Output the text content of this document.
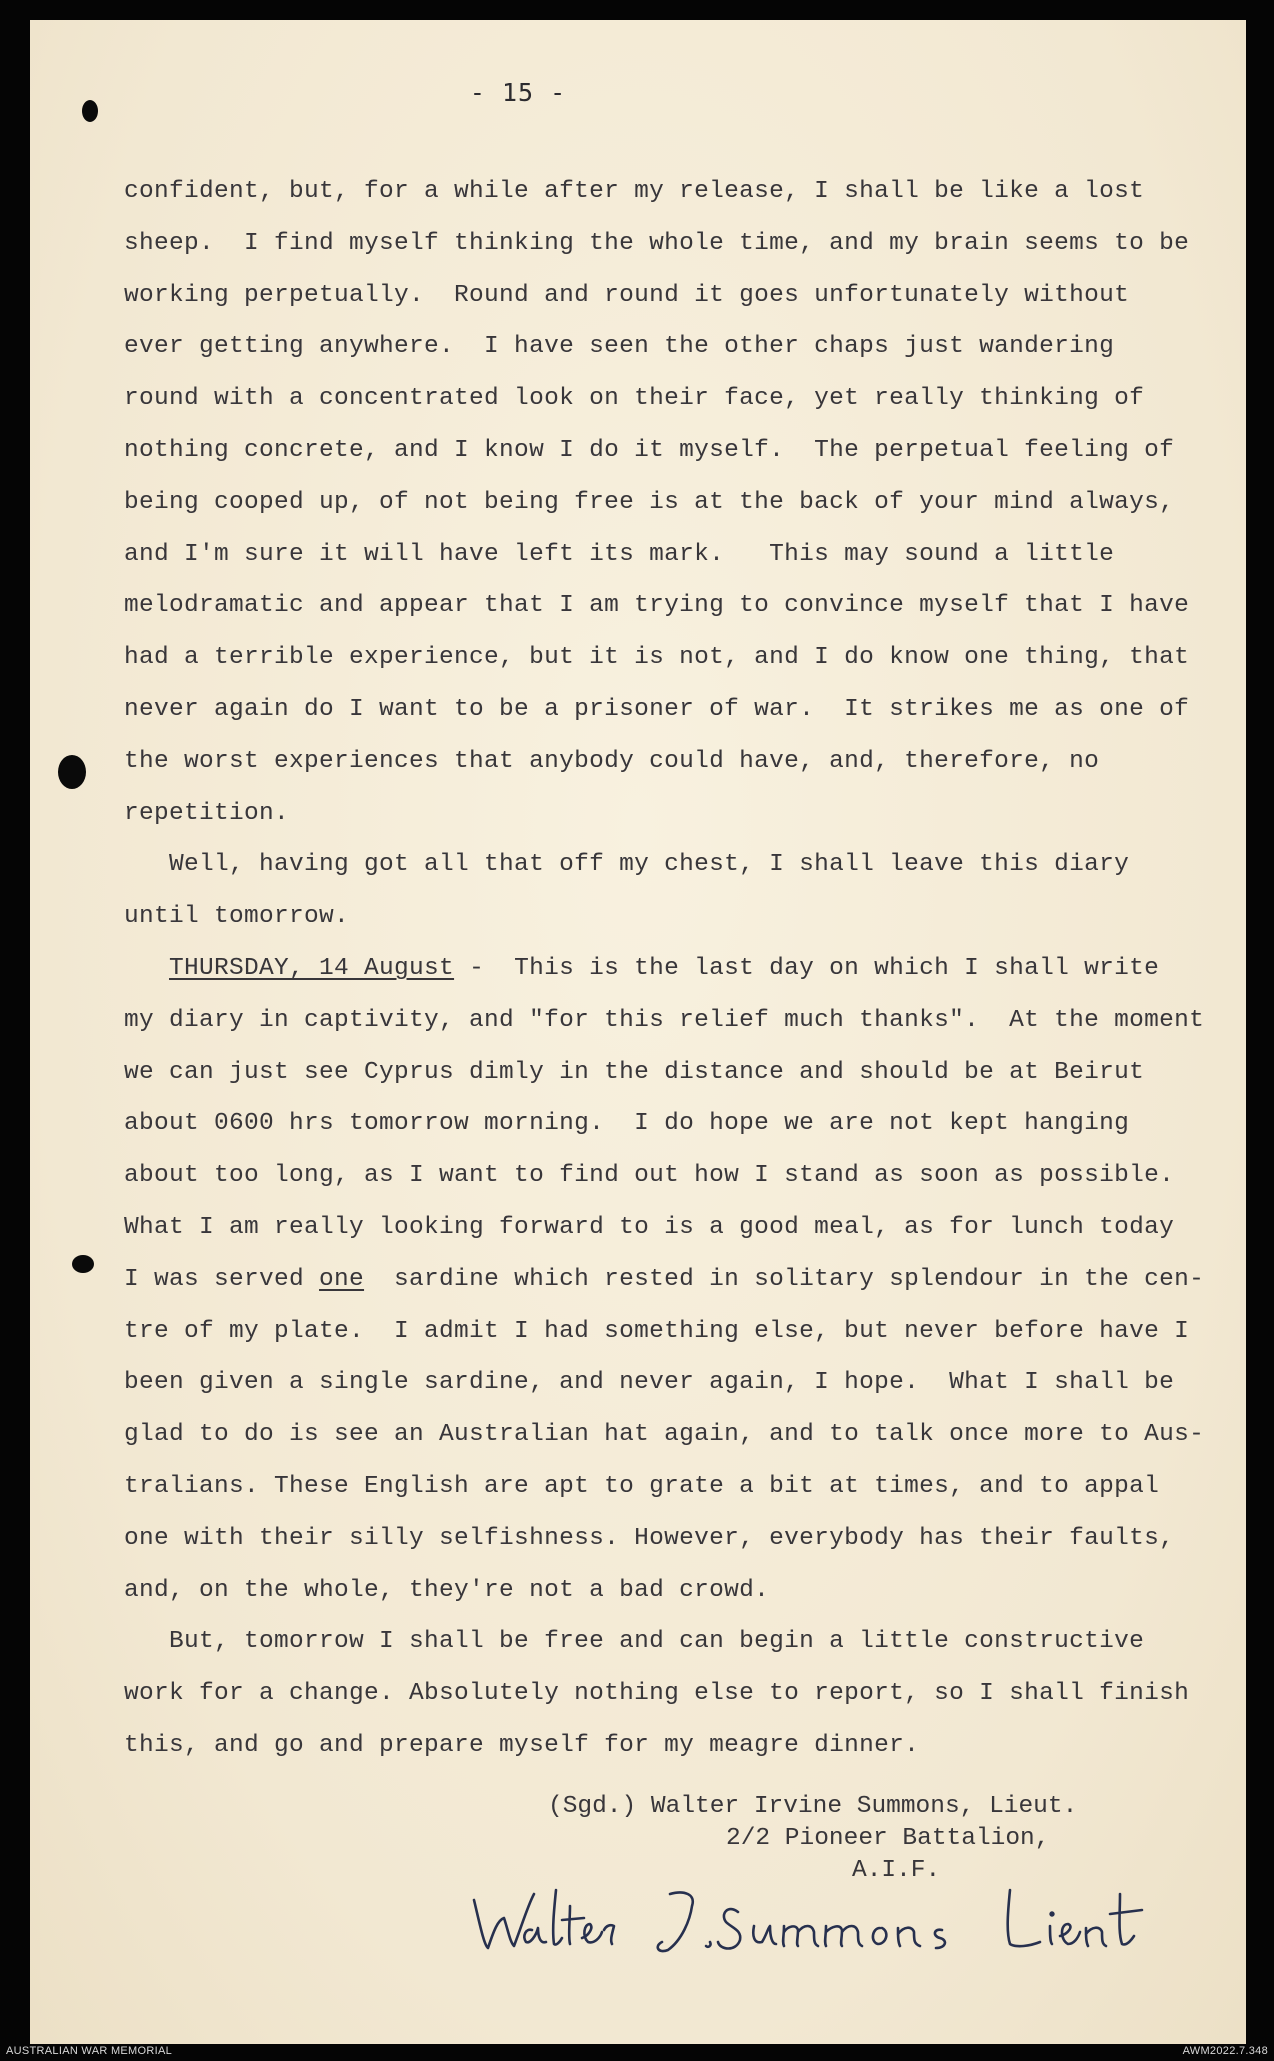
- 15 -
confident, but, for a while after my release, I shall be like a lost
sheep.  I find myself thinking the whole time, and my brain seems to be
working perpetually.  Round and round it goes unfortunately without
ever getting anywhere.  I have seen the other chaps just wandering
round with a concentrated look on their face, yet really thinking of
nothing concrete, and I know I do it myself.  The perpetual feeling of
being cooped up, of not being free is at the back of your mind always,
and I'm sure it will have left its mark.   This may sound a little
melodramatic and appear that I am trying to convince myself that I have
had a terrible experience, but it is not, and I do know one thing, that
never again do I want to be a prisoner of war.  It strikes me as one of
the worst experiences that anybody could have, and, therefore, no
repetition.
Well, having got all that off my chest, I shall leave this diary
until tomorrow.
THURSDAY, 14 August -  This is the last day on which I shall write
my diary in captivity, and "for this relief much thanks".  At the moment
we can just see Cyprus dimly in the distance and should be at Beirut
about 0600 hrs tomorrow morning.  I do hope we are not kept hanging
about too long, as I want to find out how I stand as soon as possible.
What I am really looking forward to is a good meal, as for lunch today
I was served one  sardine which rested in solitary splendour in the cen-
tre of my plate.  I admit I had something else, but never before have I
been given a single sardine, and never again, I hope.  What I shall be
glad to do is see an Australian hat again, and to talk once more to Aus-
tralians. These English are apt to grate a bit at times, and to appal
one with their silly selfishness. However, everybody has their faults,
and, on the whole, they're not a bad crowd.
But, tomorrow I shall be free and can begin a little constructive
work for a change. Absolutely nothing else to report, so I shall finish
this, and go and prepare myself for my meagre dinner.
(Sgd.) Walter Irvine Summons, Lieut.
2/2 Pioneer Battalion,
A.I.F.
AUSTRALIAN WAR MEMORIAL	AWM2022.7.348
